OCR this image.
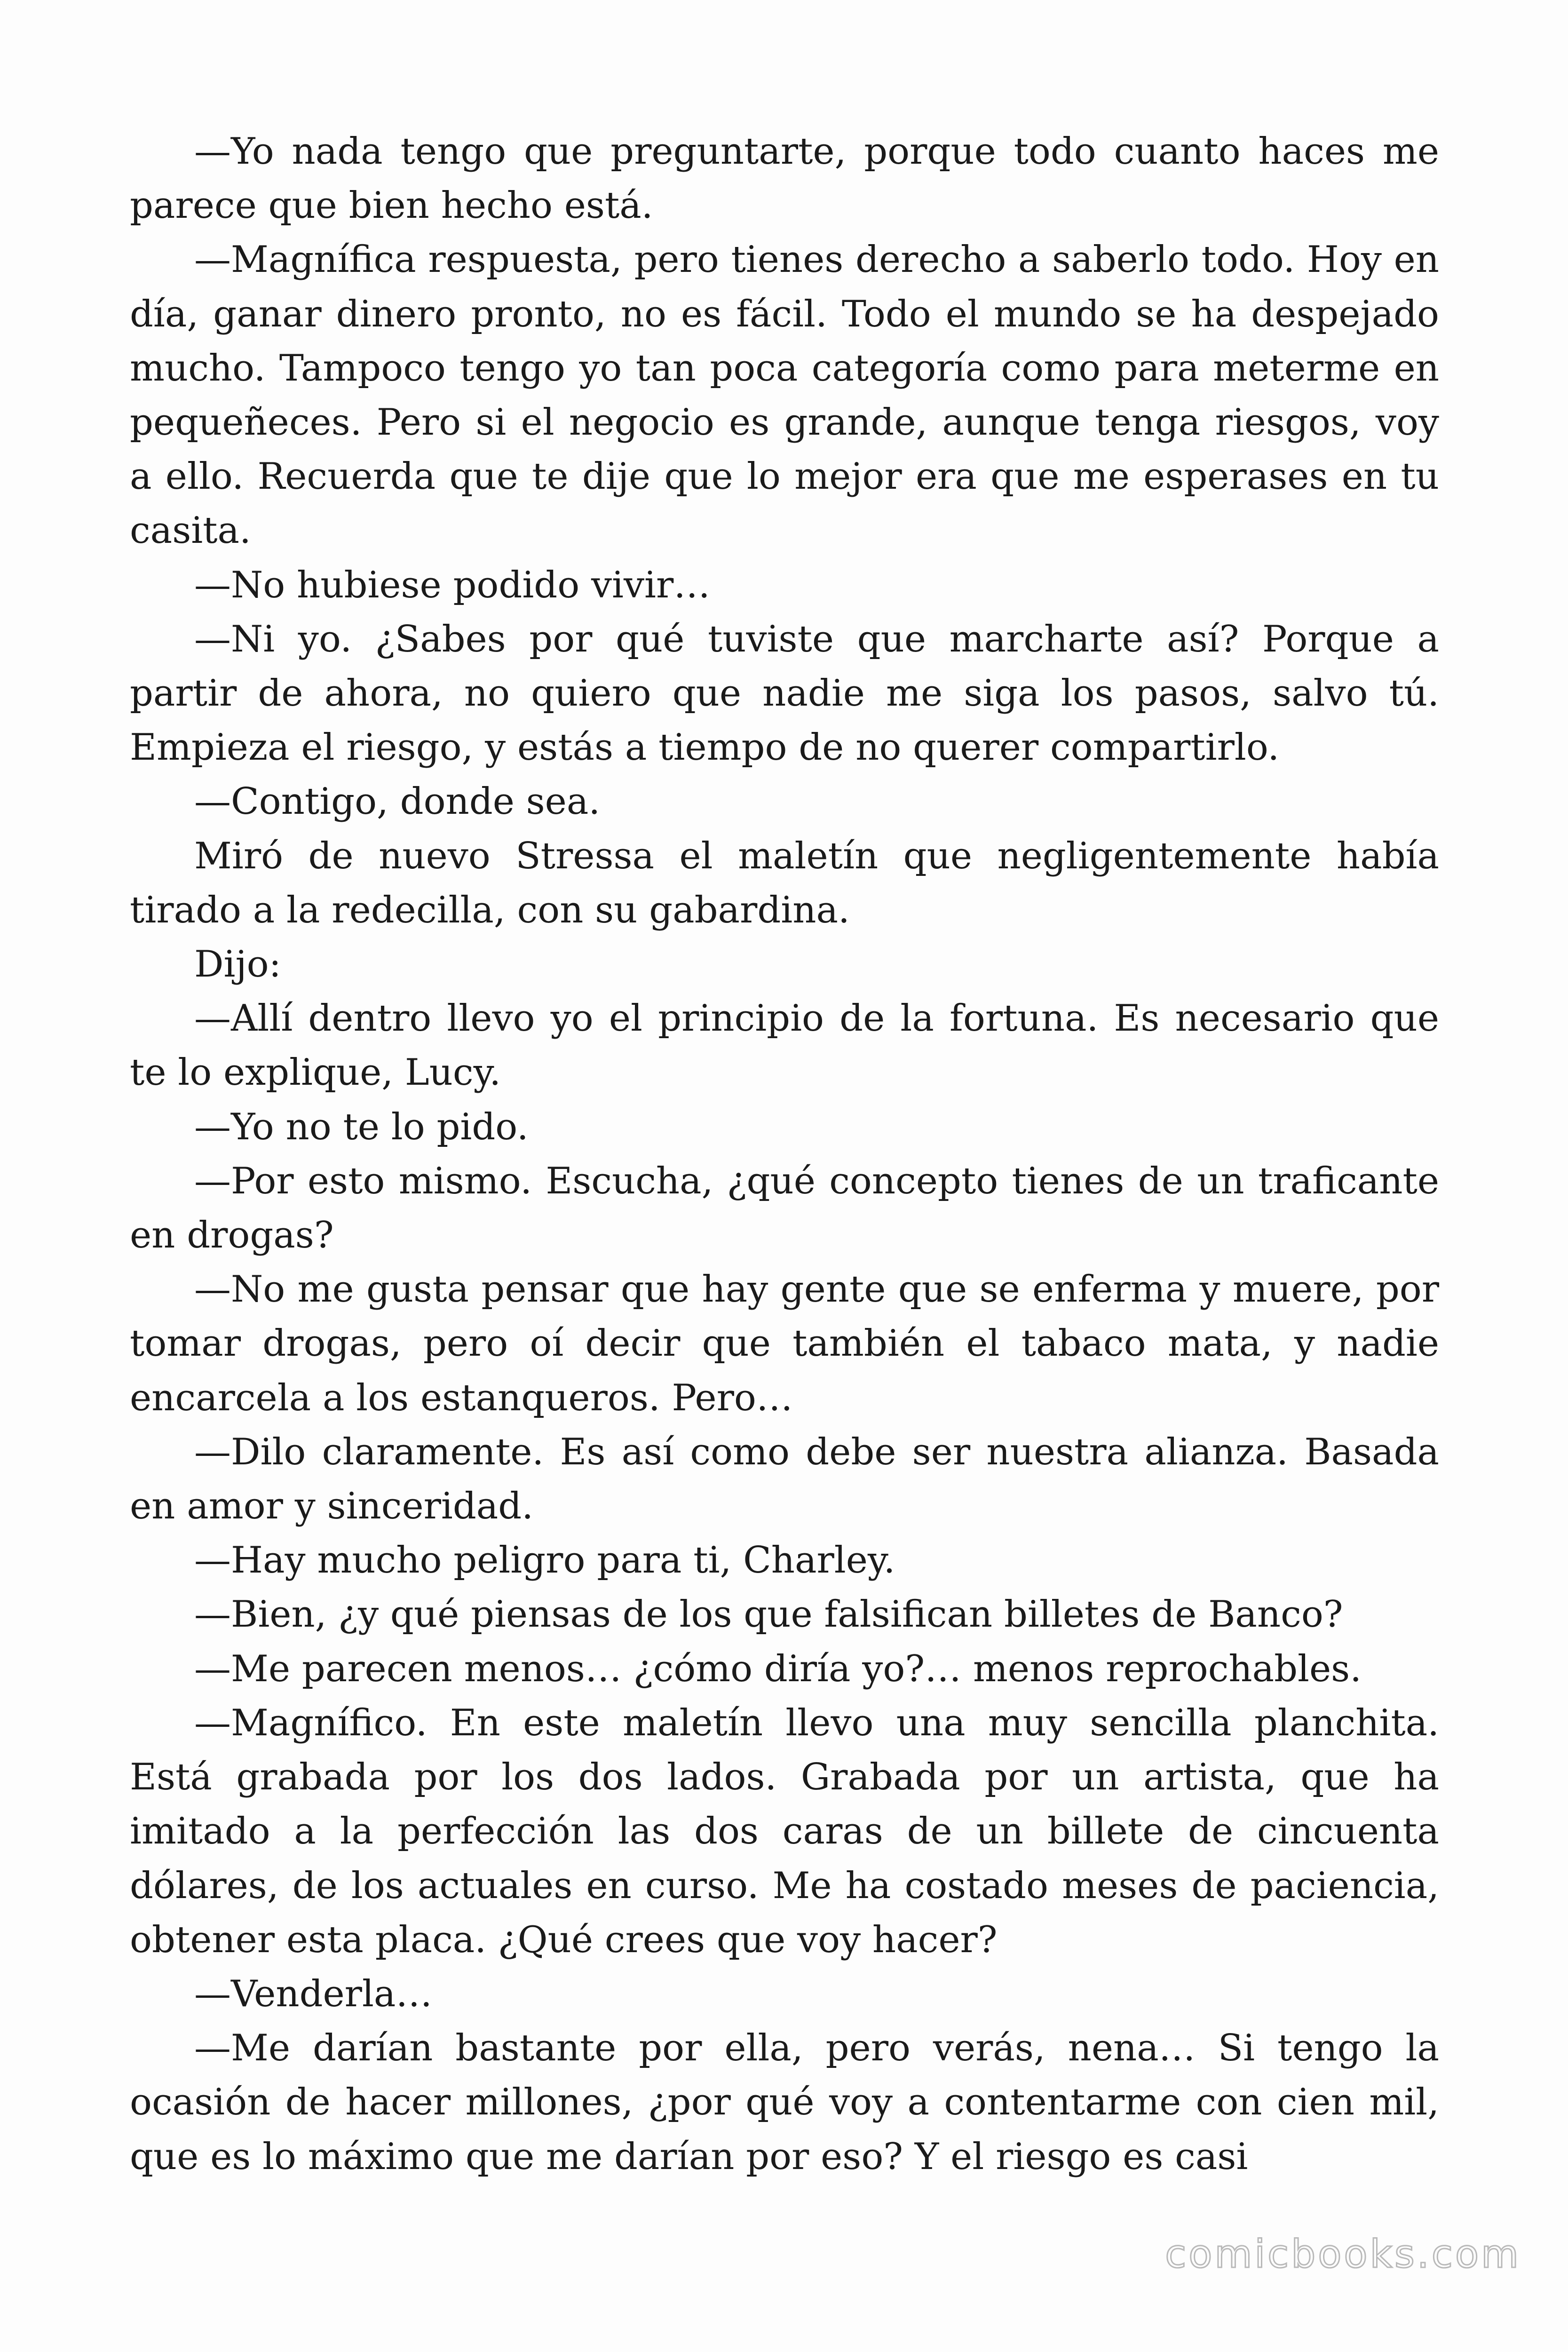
—Yo nada tengo que preguntarte, porque todo cuanto haces me parece que bien hecho está.

—Magnífica respuesta, pero tienes derecho a saberlo todo. Hoy en día, ganar dinero pronto, no es fácil. Todo el mundo se ha despejado mucho. Tampoco tengo yo tan poca categoría como para meterme en pequeñeces. Pero si el negocio es grande, aunque tenga riesgos, voy a ello. Recuerda que te dije que lo mejor era que me esperases en tu casita.

—No hubiese podido vivir…

—Ni yo. ¿Sabes por qué tuviste que marcharte así? Porque a partir de ahora, no quiero que nadie me siga los pasos, salvo tú. Empieza el riesgo, y estás a tiempo de no querer compartirlo.

—Contigo, donde sea.

Miró de nuevo Stressa el maletín que negligentemente había tirado a la redecilla, con su gabardina.

Dijo:

—Allí dentro llevo yo el principio de la fortuna. Es necesario que te lo explique, Lucy.

—Yo no te lo pido.

—Por esto mismo. Escucha, ¿qué concepto tienes de un traficante en drogas?

—No me gusta pensar que hay gente que se enferma y muere, por tomar drogas, pero oí decir que también el tabaco mata, y nadie encarcela a los estanqueros. Pero…

—Dilo claramente. Es así como debe ser nuestra alianza. Basada en amor y sinceridad.

—Hay mucho peligro para ti, Charley.

—Bien, ¿y qué piensas de los que falsifican billetes de Banco?

—Me parecen menos… ¿cómo diría yo?… menos reprochables.

—Magnífico. En este maletín llevo una muy sencilla planchita. Está grabada por los dos lados. Grabada por un artista, que ha imitado a la perfección las dos caras de un billete de cincuenta dólares, de los actuales en curso. Me ha costado meses de paciencia, obtener esta placa. ¿Qué crees que voy hacer?

—Venderla…

—Me darían bastante por ella, pero verás, nena… Si tengo la ocasión de hacer millones, ¿por qué voy a contentarme con cien mil, que es lo máximo que me darían por eso? Y el riesgo es casi

comicbooks.com
